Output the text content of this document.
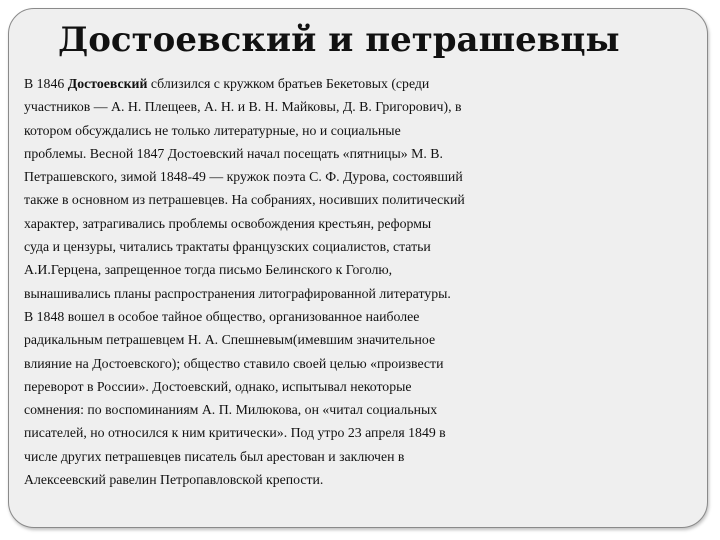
Достоевский и петрашевцы
В 1846 Достоевский сблизился с кружком братьев Бекетовых (среди
участников — А. Н. Плещеев, А. Н. и В. Н. Майковы, Д. В. Григорович), в
котором обсуждались не только литературные, но и социальные
проблемы. Весной 1847 Достоевский начал посещать «пятницы» М. В.
Петрашевского, зимой 1848-49 — кружок поэта С. Ф. Дурова, состоявший
также в основном из петрашевцев. На собраниях, носивших политический
характер, затрагивались проблемы освобождения крестьян, реформы
суда и цензуры, читались трактаты французских социалистов, статьи
А.И.Герцена, запрещенное тогда письмо Белинского к Гоголю,
вынашивались планы распространения литографированной литературы.
В 1848 вошел в особое тайное общество, организованное наиболее
радикальным петрашевцем Н. А. Спешневым(имевшим значительное
влияние на Достоевского); общество ставило своей целью «произвести
переворот в России». Достоевский, однако, испытывал некоторые
сомнения: по воспоминаниям А. П. Милюкова, он «читал социальных
писателей, но относился к ним критически». Под утро 23 апреля 1849 в
числе других петрашевцев писатель был арестован и заключен в
Алексеевский равелин Петропавловской крепости.
